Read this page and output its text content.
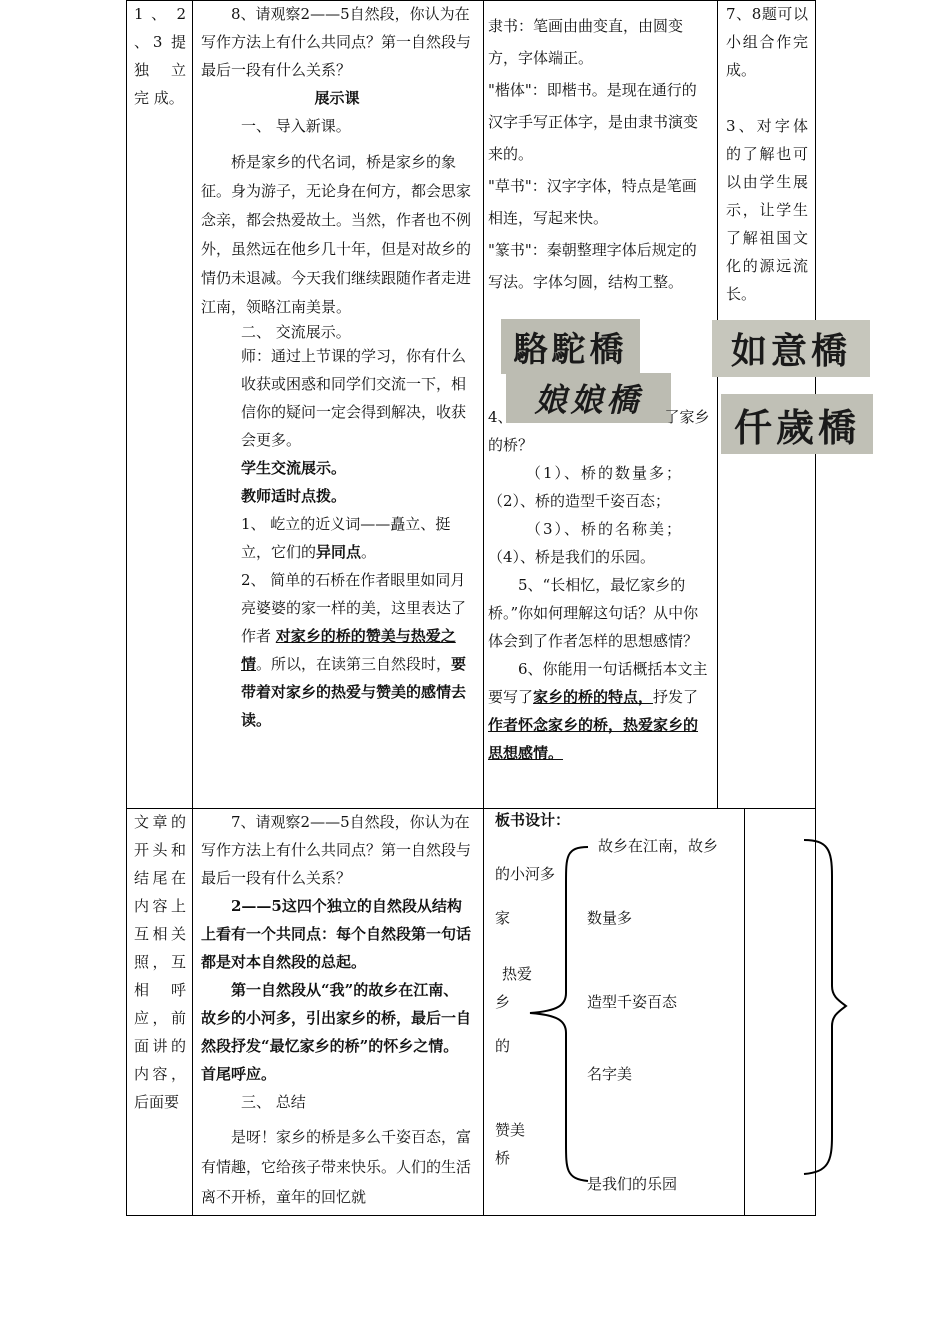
1 、 2 、3 提 独 立 完 成。

8、请观察2——5自然段，你认为在写作方法上有什么共同点？第一自然段与最后一段有什么关系？

展示课

一、 导入新课。

桥是家乡的代名词，桥是家乡的象征。身为游子，无论身在何方，都会思家念亲，都会热爱故土。当然，作者也不例外，虽然远在他乡几十年，但是对故乡的情仍未退减。今天我们继续跟随作者走进江南，领略江南美景。

二、 交流展示。

师：通过上节课的学习，你有什么收获或困惑和同学们交流一下，相信你的疑问一定会得到解决，收获会更多。

学生交流展示。

教师适时点拨。

1、 屹立的近义词——矗立、挺立，它们的异同点。

2、 简单的石桥在作者眼里如同月亮婆婆的家一样的美，这里表达了作者 对家乡的桥的赞美与热爱之情。所以，在读第三自然段时，要带着对家乡的热爱与赞美的感情去读。

隶书：笔画由曲变直，由圆变方，字体端正。

"楷体"：即楷书。是现在通行的汉字手写正体字，是由隶书演变来的。

"草书"：汉字字体，特点是笔画相连，写起来快。

"篆书"：秦朝整理字体后规定的写法。字体匀圆，结构工整。

駱駝橋
娘娘橋
如意橋
仟歲橋

4、	了家乡的桥？

（1）、桥的数量多；

（2）、桥的造型千姿百态；

（3）、桥的名称美；

（4）、桥是我们的乐园。

5、“长相忆，最忆家乡的桥。”你如何理解这句话？从中你体会到了作者怎样的思想感情？

6、你能用一句话概括本文主要写了家乡的桥的特点，抒发了作者怀念家乡的桥，热爱家乡的思想感情。

7、8题可以小组合作完成。

3、对字体的了解也可以由学生展示，让学生了解祖国文化的源远流长。

文章的开头和结尾在内容上互相关照，互相呼应，前面讲的内容，后面要

7、请观察2——5自然段，你认为在写作方法上有什么共同点？第一自然段与最后一段有什么关系？

2——5这四个独立的自然段从结构上看有一个共同点：每个自然段第一句话都是对本自然段的总起。

第一自然段从“我”的故乡在江南、故乡的小河多，引出家乡的桥，最后一自然段抒发“最忆家乡的桥”的怀乡之情。首尾呼应。

三、 总结

是呀！家乡的桥是多么千姿百态，富有情趣，它给孩子带来快乐。人们的生活离不开桥，童年的回忆就

板书设计：
故乡在江南，故乡
的小河多
家
热爱
乡
的
赞美
桥
数量多
造型千姿百态
名字美
是我们的乐园
